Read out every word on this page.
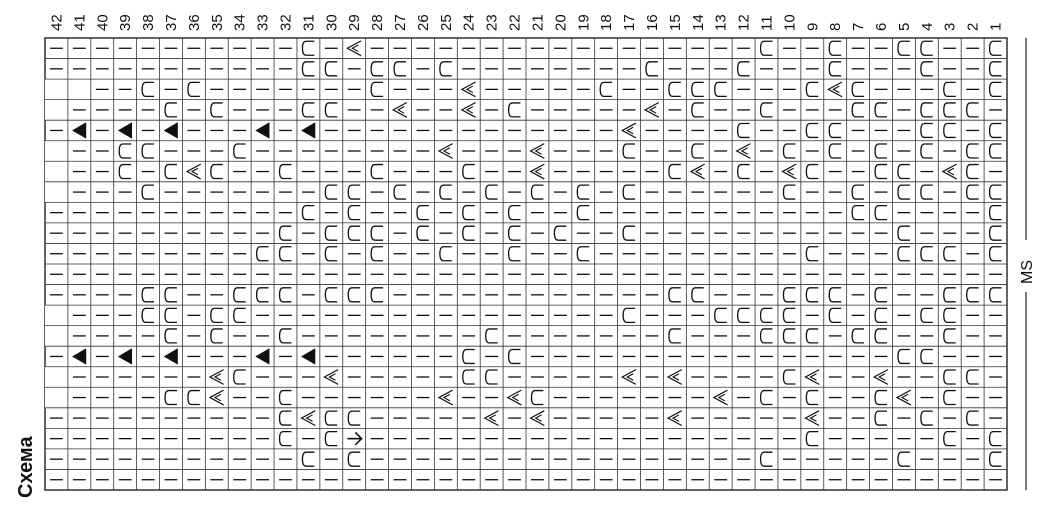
42 41 40 39 38 37 36 35 34 33 32 31 30 29 28 27 26 25 24 23 22 21 20 19 18 17 16 15 14 13 12 11 10 9 8 7 6 5 4 3 2 1
MS
Схема
